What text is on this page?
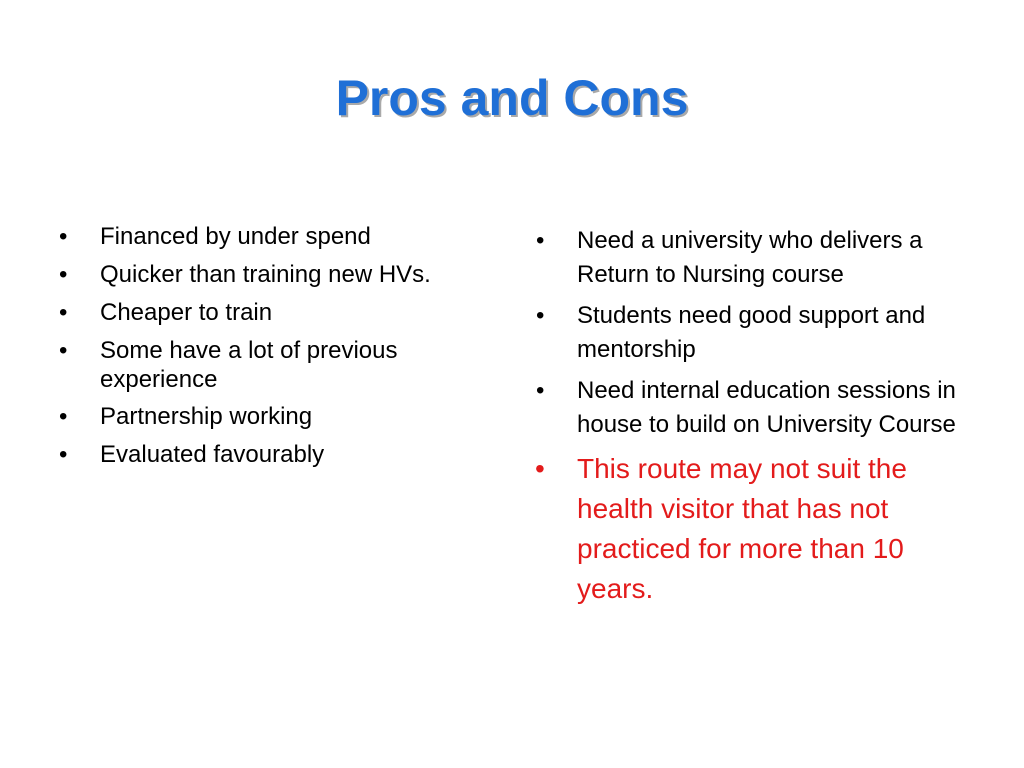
Pros and Cons
• Financed by under spend
• Quicker than training new HVs.
• Cheaper to train
• Some have a lot of previous experience
• Partnership working
• Evaluated favourably
• Need a university who delivers a Return to Nursing course
• Students need good support and mentorship
• Need internal education sessions in house to build on University Course
• This route may not suit the health visitor that has not practiced for more than 10 years.
